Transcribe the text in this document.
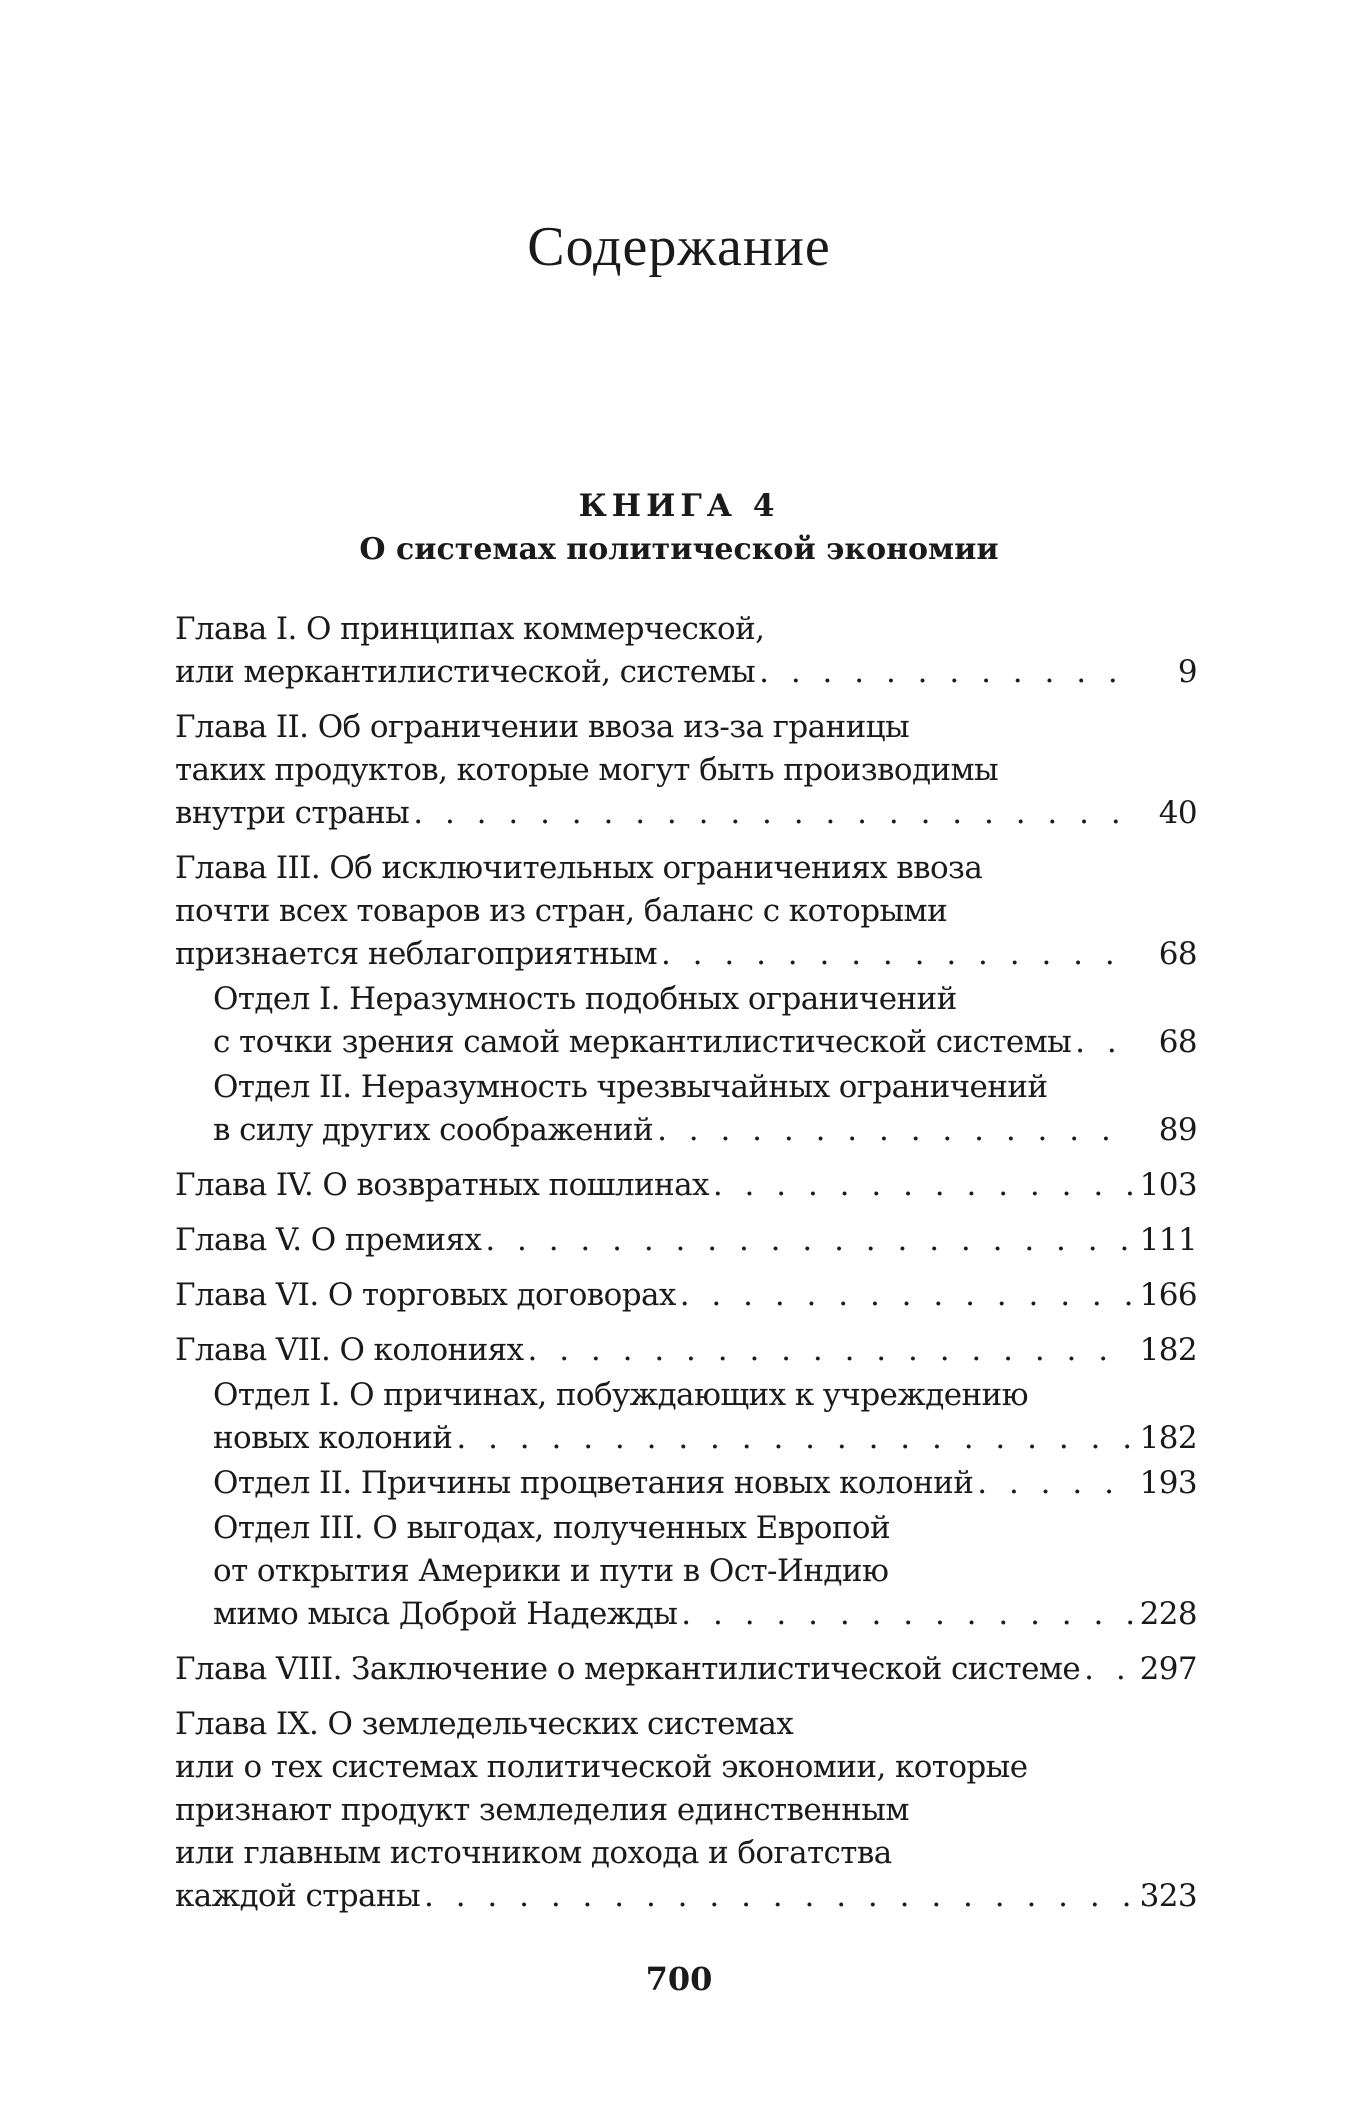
Содержание
КНИГА 4
О системах политической экономии
Глава I. О принципах коммерческой,
или меркантилистической, системы . . .	9
Глава II. Об ограничении ввоза из-за границы
таких продуктов, которые могут быть производимы
внутри страны . . .	40
Глава III. Об исключительных ограничениях ввоза
почти всех товаров из стран, баланс с которыми
признается неблагоприятным . . .	68
Отдел I. Неразумность подобных ограничений
с точки зрения самой меркантилистической системы . . .	68
Отдел II. Неразумность чрезвычайных ограничений
в силу других соображений . . .	89
Глава IV. О возвратных пошлинах . . .	103
Глава V. О премиях . . .	111
Глава VI. О торговых договорах . . .	166
Глава VII. О колониях . . .	182
Отдел I. О причинах, побуждающих к учреждению
новых колоний . . .	182
Отдел II. Причины процветания новых колоний . . .	193
Отдел III. О выгодах, полученных Европой
от открытия Америки и пути в Ост-Индию
мимо мыса Доброй Надежды . . .	228
Глава VIII. Заключение о меркантилистической системе . . . 297
Глава IX. О земледельческих системах
или о тех системах политической экономии, которые
признают продукт земледелия единственным
или главным источником дохода и богатства
каждой страны . . .	323
700
